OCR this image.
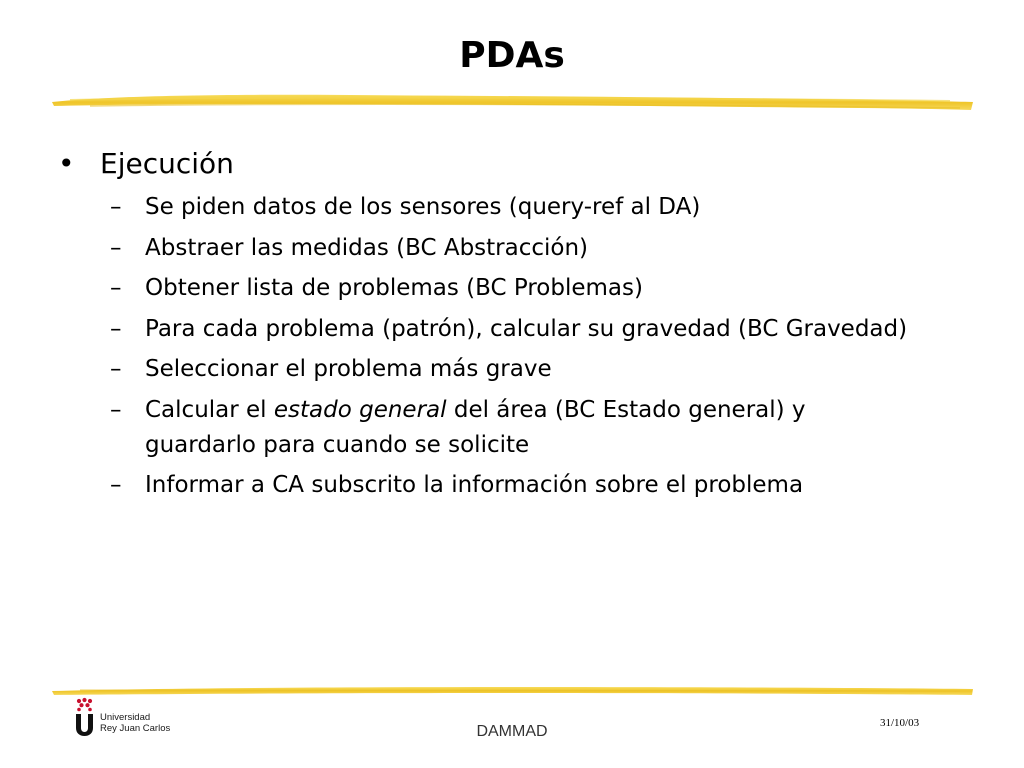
PDAs
• Ejecución
–	Se piden datos de los sensores (query-ref al DA)
–	Abstraer las medidas (BC Abstracción)
–	Obtener lista de problemas (BC Problemas)
–	Para cada problema (patrón), calcular su gravedad (BC Gravedad)
–	Seleccionar el problema más grave
–	Calcular el estado general del área (BC Estado general) y
guardarlo para cuando se solicite
–	Informar a CA subscrito la información sobre el problema
Universidad
Rey Juan Carlos	DAMMAD	31/10/03
